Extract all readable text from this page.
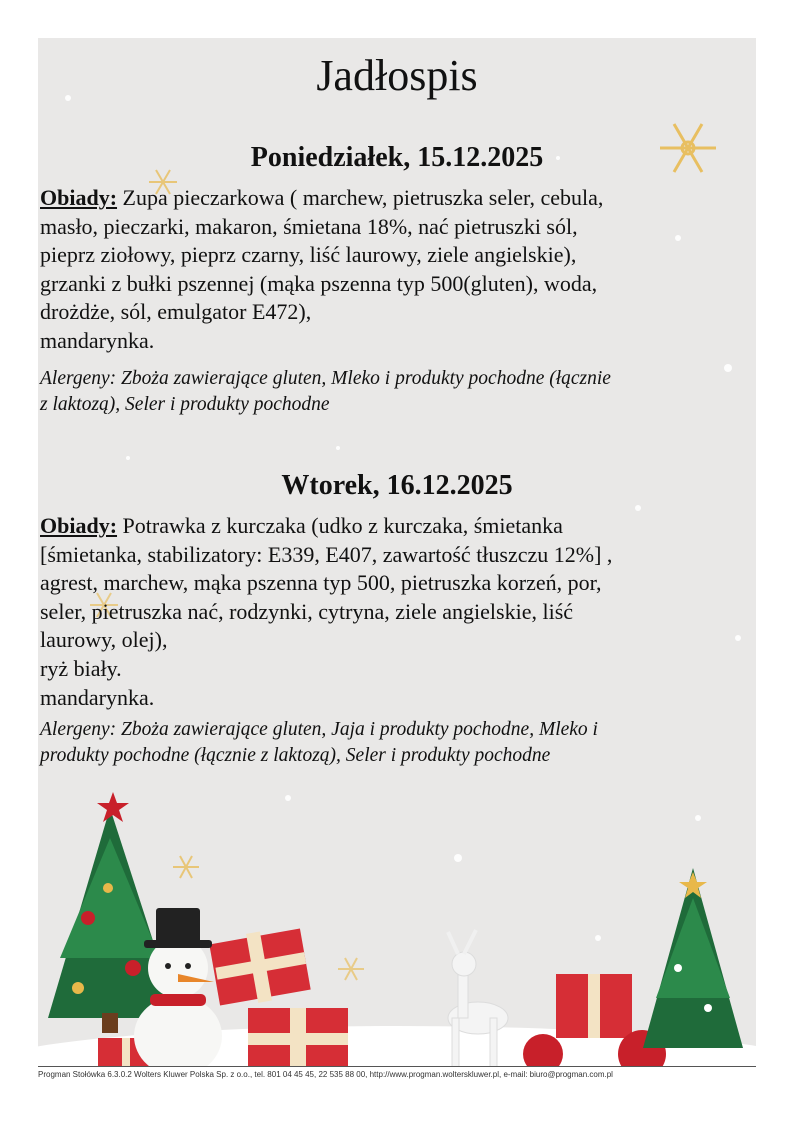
Jadłospis
Poniedziałek, 15.12.2025
Obiady: Zupa pieczarkowa ( marchew, pietruszka seler, cebula,
masło, pieczarki, makaron, śmietana 18%, nać pietruszki sól,
pieprz ziołowy, pieprz czarny, liść laurowy, ziele angielskie),
grzanki z bułki pszennej (mąka pszenna typ 500(gluten), woda,
drożdże, sól, emulgator E472),
mandarynka.
Alergeny: Zboża zawierające gluten, Mleko i produkty pochodne (łącznie
z laktozą), Seler i produkty pochodne
Wtorek, 16.12.2025
Obiady: Potrawka z kurczaka (udko z kurczaka, śmietanka
[śmietanka, stabilizatory: E339, E407, zawartość tłuszczu 12%] ,
agrest, marchew, mąka pszenna typ 500, pietruszka korzeń, por,
seler, pietruszka nać, rodzynki, cytryna, ziele angielskie, liść
laurowy, olej),
ryż biały.
mandarynka.
Alergeny: Zboża zawierające gluten, Jaja i produkty pochodne, Mleko i
produkty pochodne (łącznie z laktozą), Seler i produkty pochodne
Progman Stołówka 6.3.0.2 Wolters Kluwer Polska Sp. z o.o., tel. 801 04 45 45, 22 535 88 00, http://www.progman.wolterskluwer.pl, e-mail: biuro@progman.com.pl
